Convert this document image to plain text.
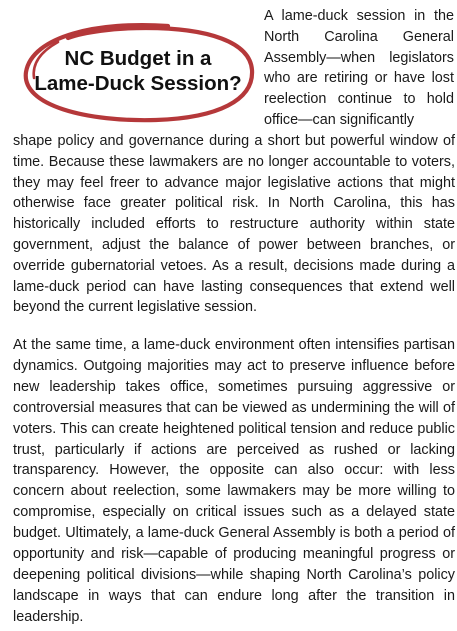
NC Budget in a
Lame-Duck Session?

A lame-duck session in the North Carolina General Assembly—when legislators who are retiring or have lost reelection continue to hold office—can significantly

shape policy and governance during a short but powerful window of time. Because these lawmakers are no longer accountable to voters, they may feel freer to advance major legislative actions that might otherwise face greater political risk. In North Carolina, this has historically included efforts to restructure authority within state government, adjust the balance of power between branches, or override gubernatorial vetoes. As a result, decisions made during a lame-duck period can have lasting consequences that extend well beyond the current legislative session.

At the same time, a lame-duck environment often intensifies partisan dynamics. Outgoing majorities may act to preserve influence before new leadership takes office, sometimes pursuing aggressive or controversial measures that can be viewed as undermining the will of voters. This can create heightened political tension and reduce public trust, particularly if actions are perceived as rushed or lacking transparency. However, the opposite can also occur: with less concern about reelection, some lawmakers may be more willing to compromise, especially on critical issues such as a delayed state budget. Ultimately, a lame-duck General Assembly is both a period of opportunity and risk—capable of producing meaningful progress or deepening political divisions—while shaping North Carolina’s policy landscape in ways that can endure long after the transition in leadership.
